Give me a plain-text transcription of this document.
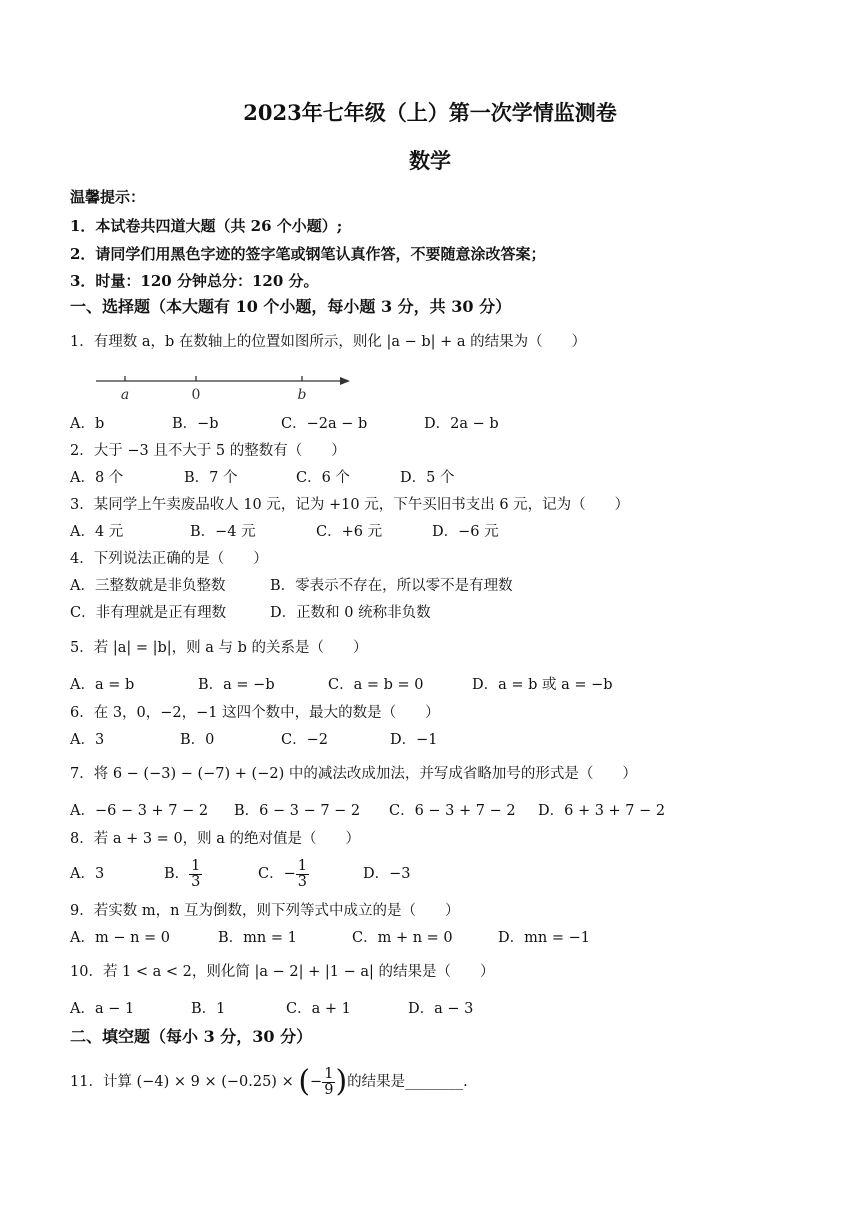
2023年七年级（上）第一次学情监测卷
数学
温馨提示：
1．本试卷共四道大题（共 26 个小题）;
2．请同学们用黑色字迹的签字笔或钢笔认真作答，不要随意涂改答案；
3．时量：120 分钟总分：120 分。
一、选择题（本大题有 10 个小题，每小题 3 分，共 30 分）
1．有理数 a，b 在数轴上的位置如图所示，则化 |a − b| + a 的结果为（　　）
a	0	b
A．b	B．−b	C．−2a − b	D．2a − b
2．大于 −3 且不大于 5 的整数有（　　）
A．8 个	B．7 个	C．6 个	D．5 个
3．某同学上午卖废品收人 10 元，记为 +10 元，下午买旧书支出 6 元，记为（　　）
A．4 元	B．−4 元	C．+6 元	D．−6 元
4．下列说法正确的是（　　）
A．三整数就是非负整数	B．零表示不存在，所以零不是有理数
C．非有理就是正有理数	D．正数和 0 统称非负数
5．若 |a| = |b|，则 a 与 b 的关系是（　　）
A．a = b	B．a = −b	C．a = b = 0	D．a = b 或 a = −b
6．在 3，0，−2，−1 这四个数中，最大的数是（　　）
A．3	B．0	C．−2	D．−1
7．将 6 − (−3) − (−7) + (−2) 中的减法改成加法，并写成省略加号的形式是（　　）
A．−6 − 3 + 7 − 2 B．6 − 3 − 7 − 2 C．6 − 3 + 7 − 2 D．6 + 3 + 7 − 2
8．若 a + 3 = 0，则 a 的绝对值是（　　）
A．3	B． $\frac{1}{3}$	C．− $\frac{1}{3}$	D．−3
9．若实数 m，n 互为倒数，则下列等式中成立的是（　　）
A．m − n = 0	B．mn = 1	C．m + n = 0	D．mn = −1
10．若 1 < a < 2，则化简 |a − 2| + |1 − a| 的结果是（　　）
A．a − 1	B．1	C．a + 1	D．a − 3
二、填空题（每小 3 分，30 分）
11．计算 (−4) × 9 × (−0.25) × (− $\frac{1}{9}$ )的结果是________.
